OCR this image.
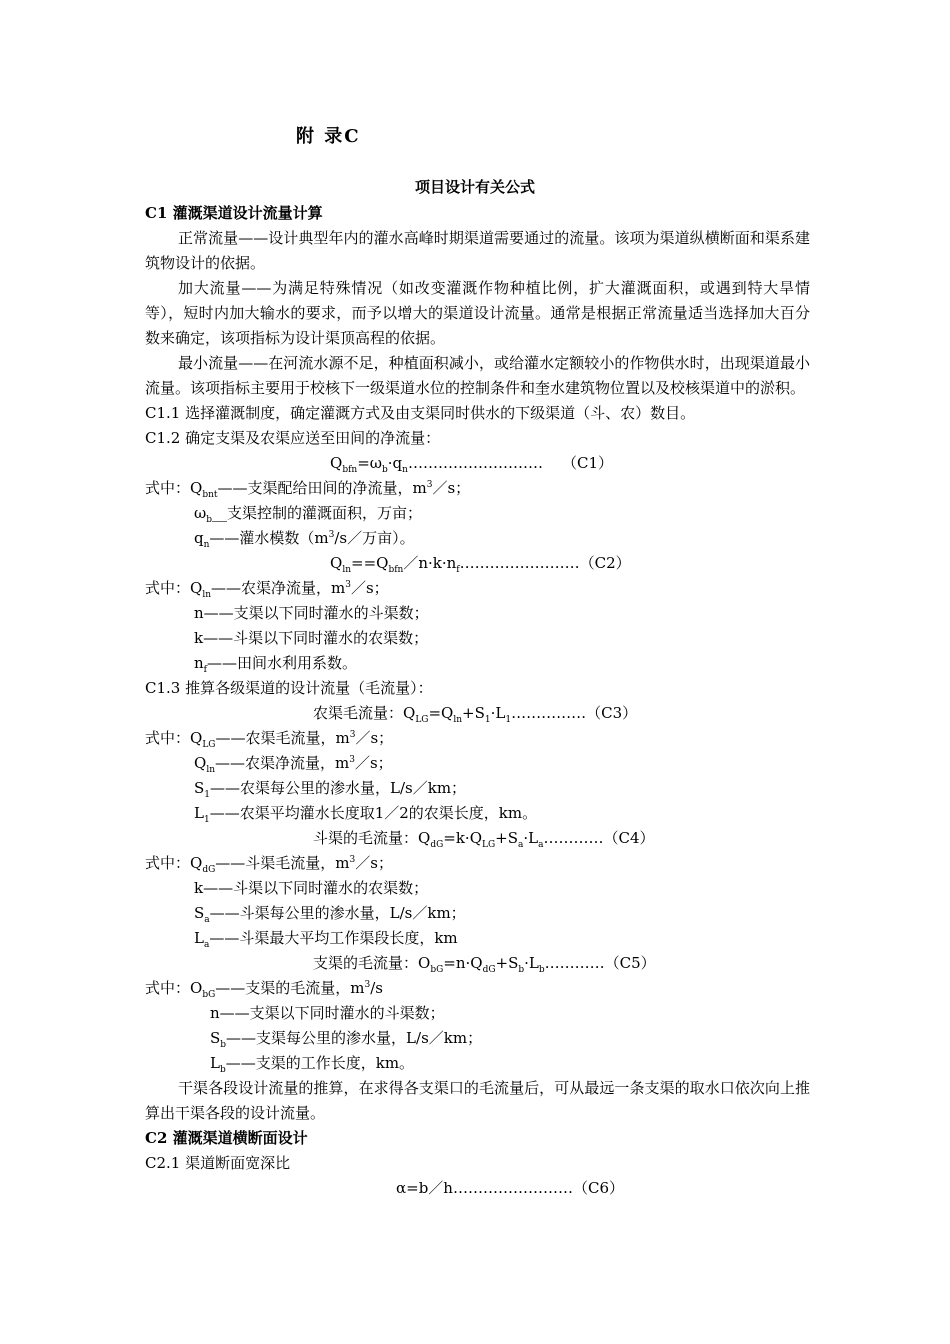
附 录C
项目设计有关公式

C1 灌溉渠道设计流量计算

正常流量——设计典型年内的灌水高峰时期渠道需要通过的流量。该项为渠道纵横断面和渠系建筑物设计的依据。

加大流量——为满足特殊情况（如改变灌溉作物种植比例，扩大灌溉面积，或遇到特大旱情等），短时内加大输水的要求，而予以增大的渠道设计流量。通常是根据正常流量适当选择加大百分数来确定，该项指标为设计渠顶高程的依据。

最小流量——在河流水源不足，种植面积减小，或给灌水定额较小的作物供水时，出现渠道最小流量。该项指标主要用于校核下一级渠道水位的控制条件和奎水建筑物位置以及校核渠道中的淤积。

C1.1 选择灌溉制度，确定灌溉方式及由支渠同时供水的下级渠道（斗、农）数目。

C1.2 确定支渠及农渠应送至田间的净流量：

$Q_{bfn}=\omega_b\cdot q_n\dots\dots\dots\dots\dots\dots\dots\dots\dots$    （C1）

式中：$Q_{bnt}——$支渠配给田间的净流量，$m^3/s$；

$\omega_b\_\_$支渠控制的灌溉面积，万亩；

$q_n——$灌水模数（$m^3/s/$万亩）。

$Q_{ln}==Q_{bfn}/n\cdot k\cdot n_f\dots\dots\dots\dots\dots\dots\dots\dots(C2)$

式中：$Q_{ln}——$农渠净流量，$m^3/s$；

n——支渠以下同时灌水的斗渠数；

k——斗渠以下同时灌水的农渠数；

$n_f——$田间水利用系数。

C1.3 推算各级渠道的设计流量（毛流量）：

农渠毛流量：$Q_{LG}=Q_{ln}+S_1\cdot L_1\dots\dots\dots\dots\dots(C3)$

式中：$Q_{LG}——$农渠毛流量，$m^3/s$；

$Q_{ln}——$农渠净流量，$m^3/s$；

$S_1——$农渠每公里的渗水量，L/s／km；

$L_1——$农渠平均灌水长度取1／2的农渠长度，km。

斗渠的毛流量：$Q_{dG}=k\cdot Q_{LG}+S_a\cdot L_a\dots\dots\dots\dots(C4)$

式中：$Q_{dG}——$斗渠毛流量，$m^3/s$；

k——斗渠以下同时灌水的农渠数；

$S_a——$斗渠每公里的渗水量，L/s／km；

$L_a——$斗渠最大平均工作渠段长度，km

支渠的毛流量：$O_{bG}=n\cdot Q_{dG}+S_b\cdot L_b\dots\dots\dots\dots(C5)$

式中：$O_{bG}——$支渠的毛流量，$m^3/s$

n——支渠以下同时灌水的斗渠数；

$S_b——$支渠每公里的渗水量，L/s／km；

$L_b——$支渠的工作长度，km。

干渠各段设计流量的推算，在求得各支渠口的毛流量后，可从最远一条支渠的取水口依次向上推算出干渠各段的设计流量。

C2 灌溉渠道横断面设计

C2.1 渠道断面宽深比

α=b／h……………………（C6）
